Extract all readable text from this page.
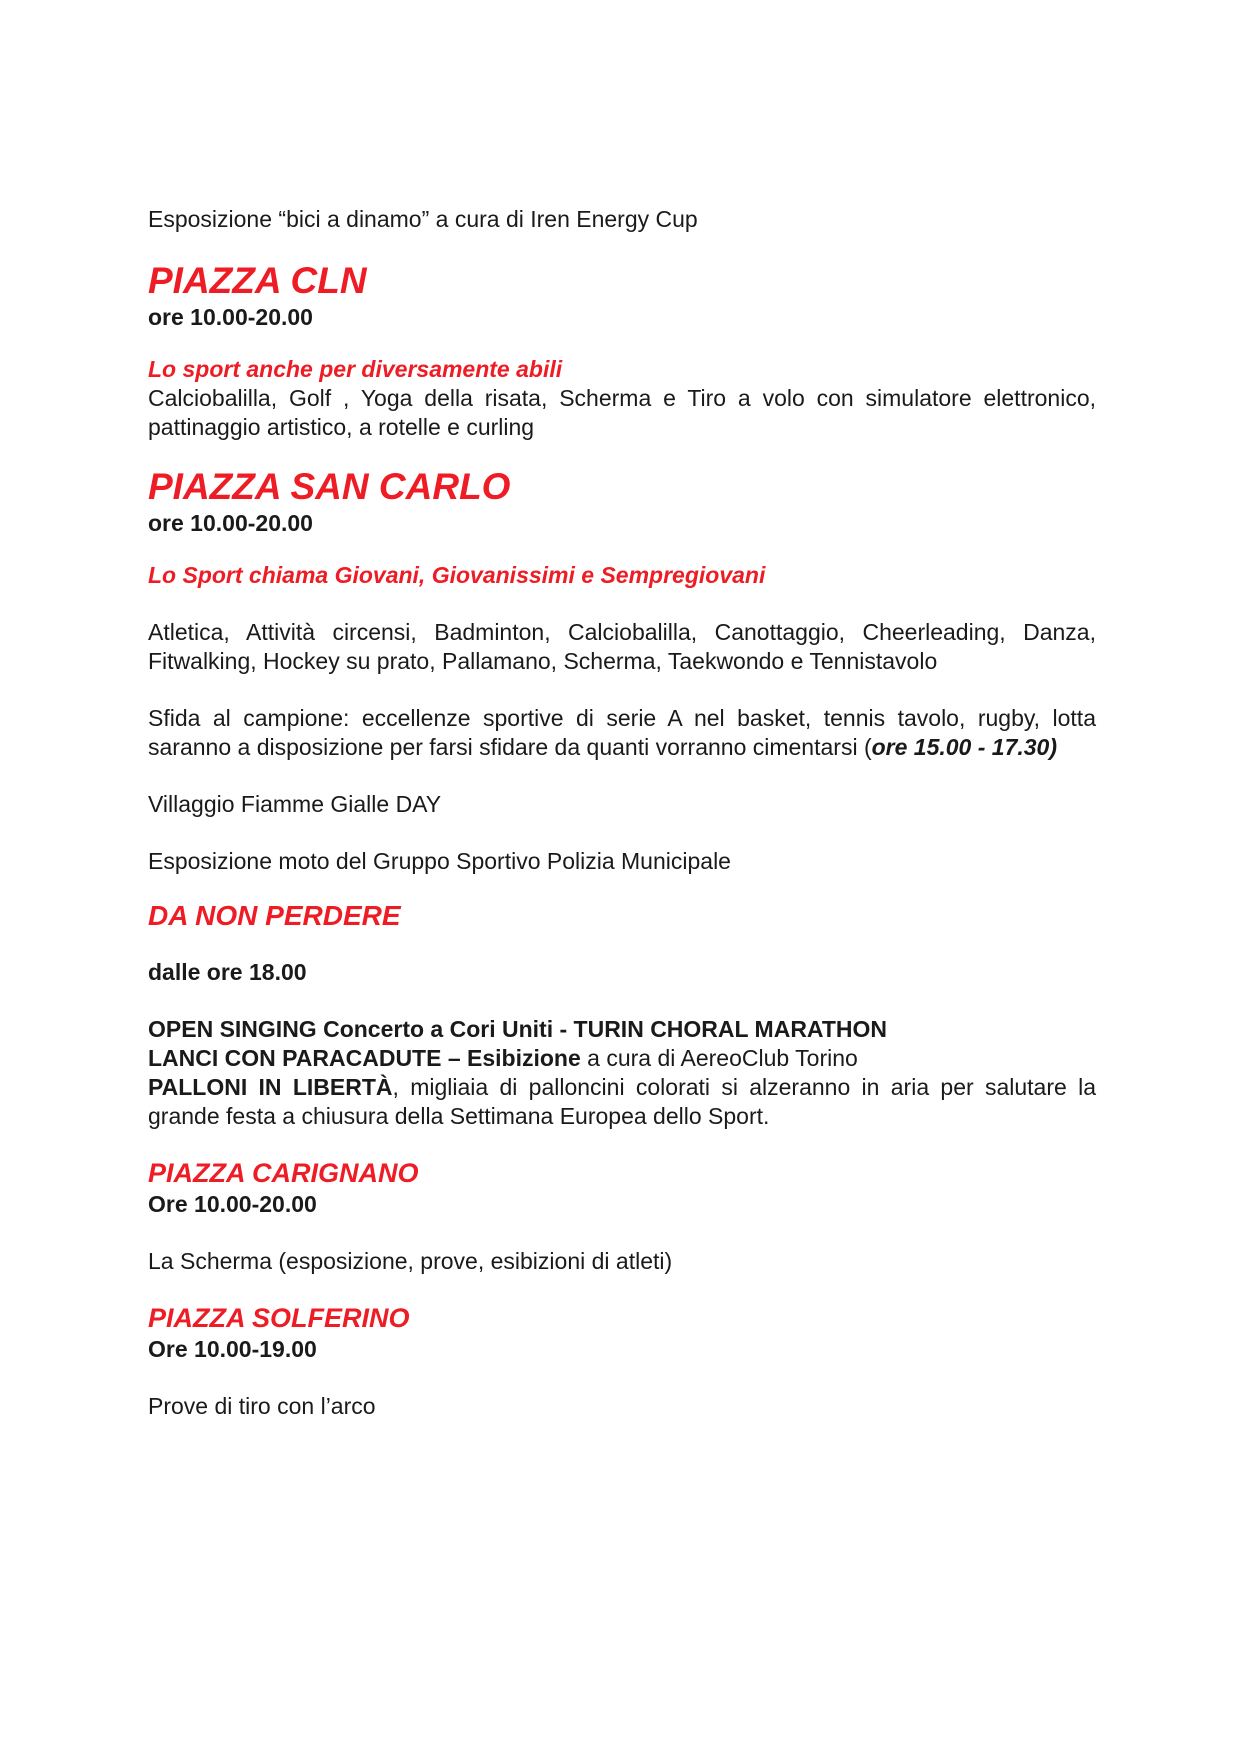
Esposizione “bici a dinamo” a cura di Iren Energy Cup

PIAZZA CLN

ore 10.00-20.00

Lo sport anche per diversamente abili

Calciobalilla, Golf , Yoga della risata, Scherma e Tiro a volo con simulatore elettronico, pattinaggio artistico, a rotelle e curling

PIAZZA SAN CARLO

ore 10.00-20.00

Lo Sport chiama Giovani, Giovanissimi e Sempregiovani

Atletica, Attività circensi, Badminton, Calciobalilla, Canottaggio, Cheerleading, Danza, Fitwalking, Hockey su prato, Pallamano, Scherma, Taekwondo e Tennistavolo

Sfida al campione: eccellenze sportive di serie A nel basket, tennis tavolo, rugby, lotta saranno a disposizione per farsi sfidare da quanti vorranno cimentarsi (ore 15.00 - 17.30)

Villaggio Fiamme Gialle DAY

Esposizione moto del Gruppo Sportivo Polizia Municipale

DA NON PERDERE

dalle ore 18.00

OPEN SINGING Concerto a Cori Uniti - TURIN CHORAL MARATHON

LANCI CON PARACADUTE – Esibizione a cura di AereoClub Torino

PALLONI IN LIBERTÀ, migliaia di palloncini colorati si alzeranno in aria per salutare la grande festa a chiusura della Settimana Europea dello Sport.

PIAZZA CARIGNANO

Ore 10.00-20.00

La Scherma (esposizione, prove, esibizioni di atleti)

PIAZZA SOLFERINO

Ore 10.00-19.00

Prove di tiro con l’arco
